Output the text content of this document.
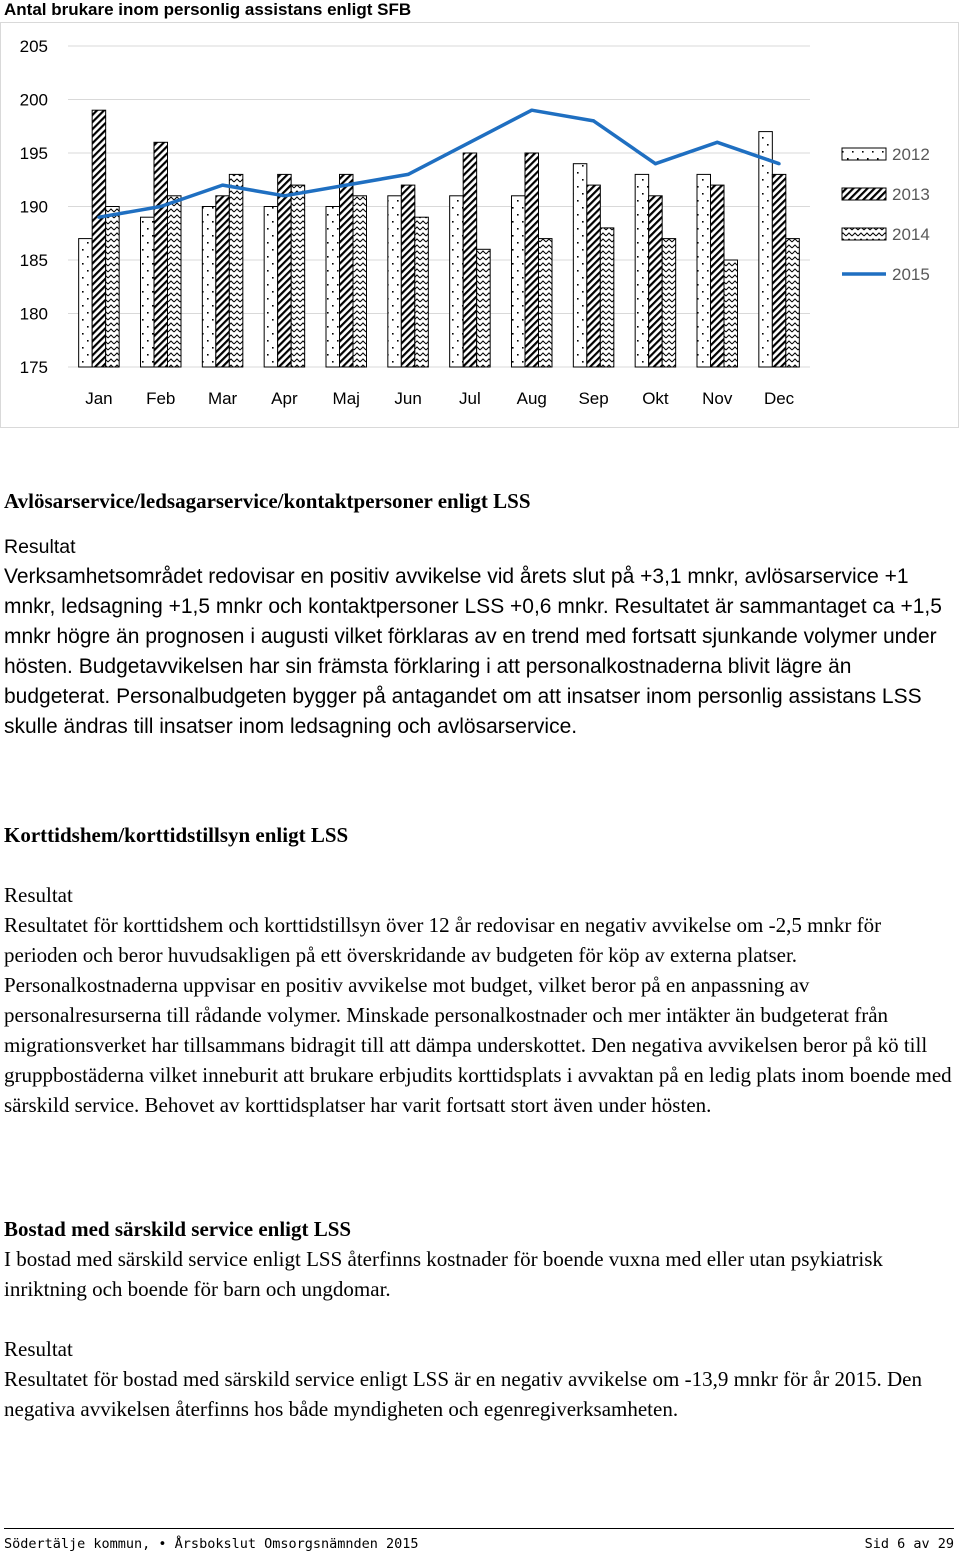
Antal brukare inom personlig assistans enligt SFB
175
180
185
190
195
200
205
Jan Feb Mar Apr Maj Jun Jul Aug Sep Okt Nov Dec
2012
2013
2014
2015
Avlösarservice/ledsagarservice/kontaktpersoner enligt LSS

Resultat

Verksamhetsområdet redovisar en positiv avvikelse vid årets slut på +3,1 mnkr, avlösarservice +1 mnkr, ledsagning +1,5 mnkr och kontaktpersoner LSS +0,6 mnkr. Resultatet är sammantaget ca +1,5 mnkr högre än prognosen i augusti vilket förklaras av en trend med fortsatt sjunkande volymer under hösten. Budgetavvikelsen har sin främsta förklaring i att personalkostnaderna blivit lägre än budgeterat. Personalbudgeten bygger på antagandet om att insatser inom personlig assistans LSS skulle ändras till insatser inom ledsagning och avlösarservice.

Korttidshem/korttidstillsyn enligt LSS

Resultat

Resultatet för korttidshem och korttidstillsyn över 12 år redovisar en negativ avvikelse om -2,5 mnkr för perioden och beror huvudsakligen på ett överskridande av budgeten för köp av externa platser. Personalkostnaderna uppvisar en positiv avvikelse mot budget, vilket beror på en anpassning av personalresurserna till rådande volymer. Minskade personalkostnader och mer intäkter än budgeterat från migrationsverket har tillsammans bidragit till att dämpa underskottet. Den negativa avvikelsen beror på kö till gruppbostäderna vilket inneburit att brukare erbjudits korttidsplats i avvaktan på en ledig plats inom boende med särskild service. Behovet av korttidsplatser har varit fortsatt stort även under hösten.

Bostad med särskild service enligt LSS

I bostad med särskild service enligt LSS återfinns kostnader för boende vuxna med eller utan psykiatrisk inriktning och boende för barn och ungdomar.

Resultat

Resultatet för bostad med särskild service enligt LSS är en negativ avvikelse om -13,9 mnkr för år 2015. Den negativa avvikelsen återfinns hos både myndigheten och egenregiverksamheten.

Södertälje kommun, • Årsbokslut Omsorgsnämnden 2015	Sid 6 av 29
